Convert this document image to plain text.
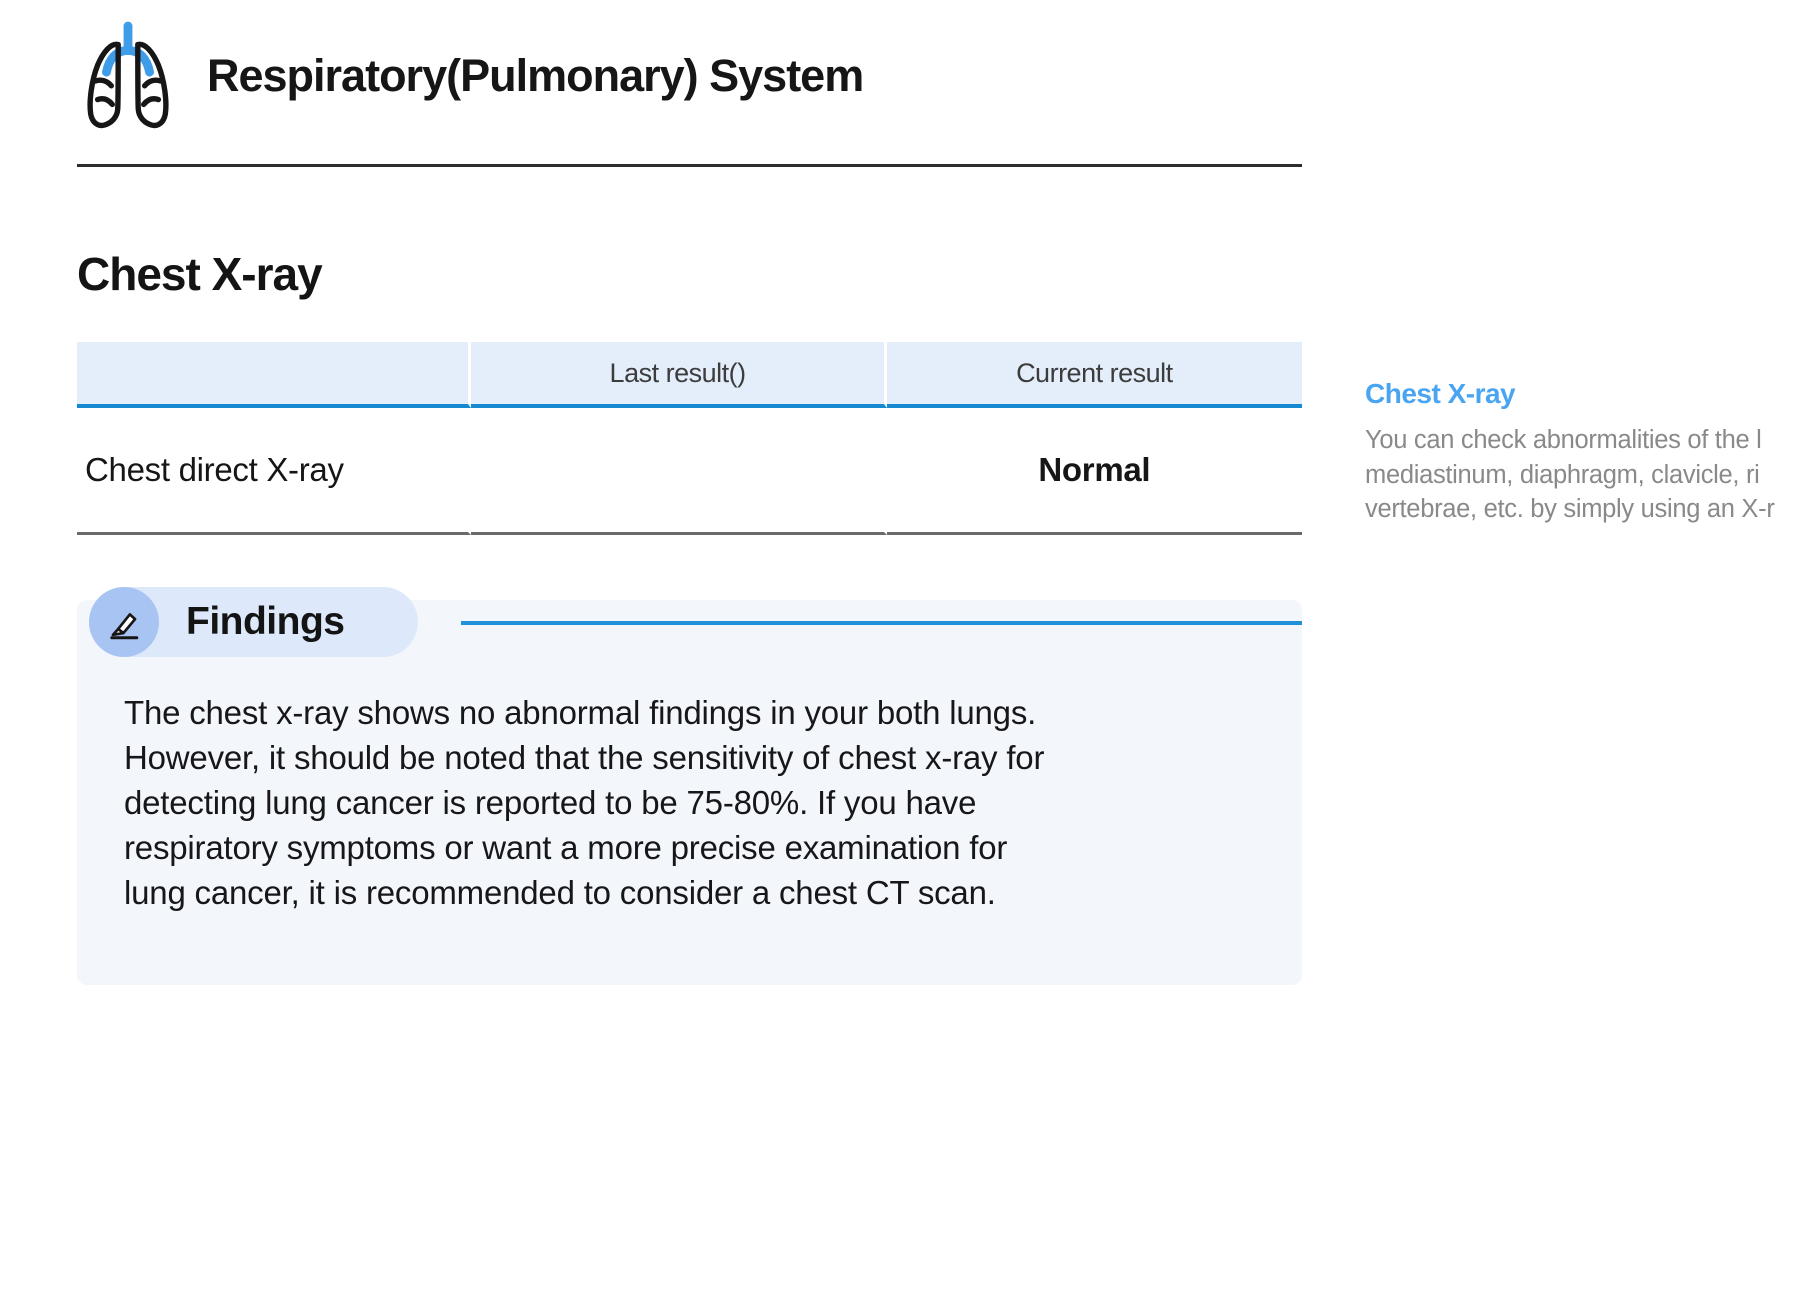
Respiratory(Pulmonary) System
Chest X-ray
	Last result()	Current result
Chest direct X-ray		Normal
Findings
The chest x-ray shows no abnormal findings in your both lungs.
However, it should be noted that the sensitivity of chest x-ray for
detecting lung cancer is reported to be 75-80%. If you have
respiratory symptoms or want a more precise examination for
lung cancer, it is recommended to consider a chest CT scan.
Chest X-ray
You can check abnormalities of the l
mediastinum, diaphragm, clavicle, ri
vertebrae, etc. by simply using an X-r
